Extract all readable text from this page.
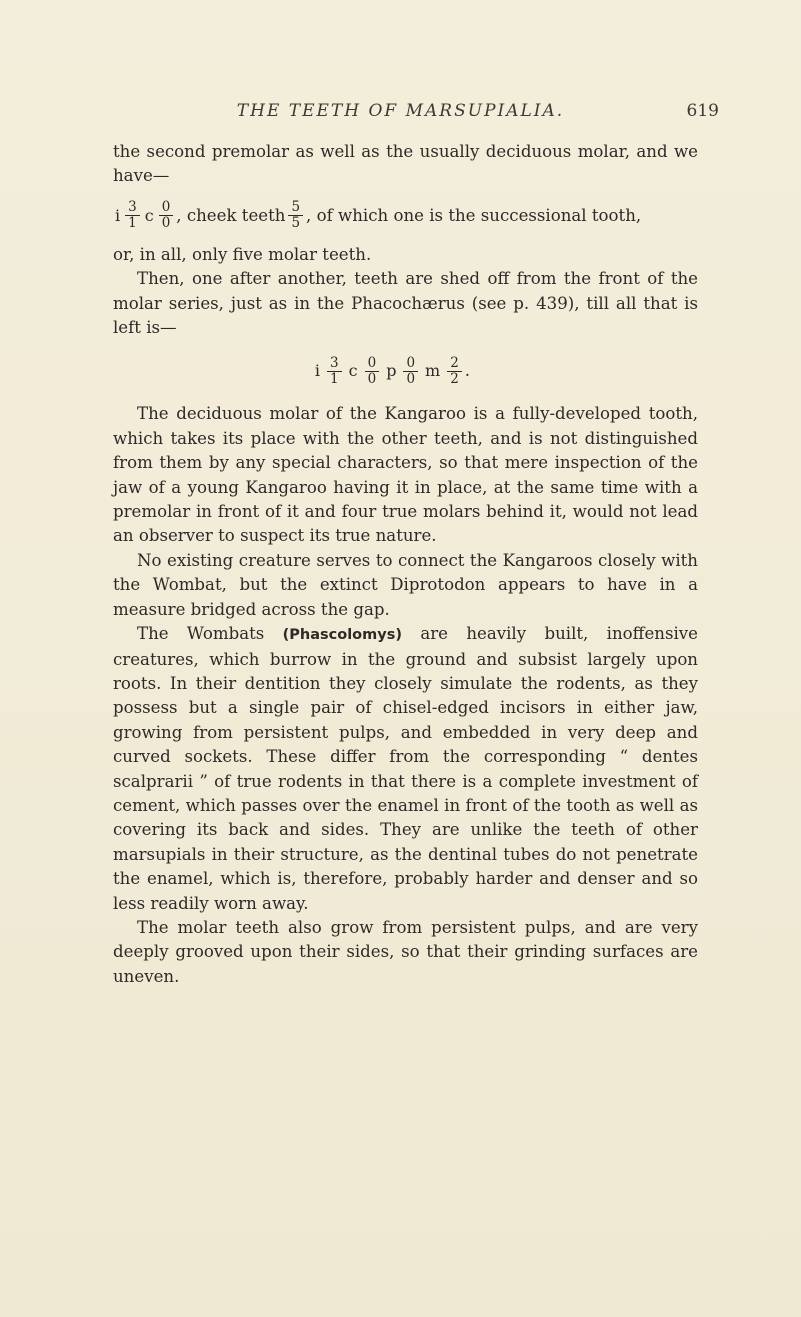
THE TEETH OF MARSUPIALIA.	619

the second premolar as well as the usually deciduous molar, and we have—

i $\frac{3}{1}$ c $\frac{0}{0}$ , cheek teeth $\frac{5}{5}$ , of which one is the successional tooth,

or, in all, only five molar teeth.

Then, one after another, teeth are shed off from the front of the molar series, just as in the Phacochærus (see p. 439), till all that is left is—

i $\frac{3}{1}$ c $\frac{0}{0}$ p $\frac{0}{0}$ m $\frac{2}{2}$ .

The deciduous molar of the Kangaroo is a fully-developed tooth, which takes its place with the other teeth, and is not distinguished from them by any special characters, so that mere inspection of the jaw of a young Kangaroo having it in place, at the same time with a premolar in front of it and four true molars behind it, would not lead an observer to suspect its true nature.

No existing creature serves to connect the Kangaroos closely with the Wombat, but the extinct Diprotodon appears to have in a measure bridged across the gap.

The Wombats (Phascolomys) are heavily built, inoffensive creatures, which burrow in the ground and subsist largely upon roots. In their dentition they closely simulate the rodents, as they possess but a single pair of chisel-edged incisors in either jaw, growing from persistent pulps, and embedded in very deep and curved sockets. These differ from the corresponding “ dentes scalprarii ” of true rodents in that there is a complete investment of cement, which passes over the enamel in front of the tooth as well as covering its back and sides. They are unlike the teeth of other marsupials in their structure, as the dentinal tubes do not penetrate the enamel, which is, therefore, probably harder and denser and so less readily worn away.

The molar teeth also grow from persistent pulps, and are very deeply grooved upon their sides, so that their grinding surfaces are uneven.
